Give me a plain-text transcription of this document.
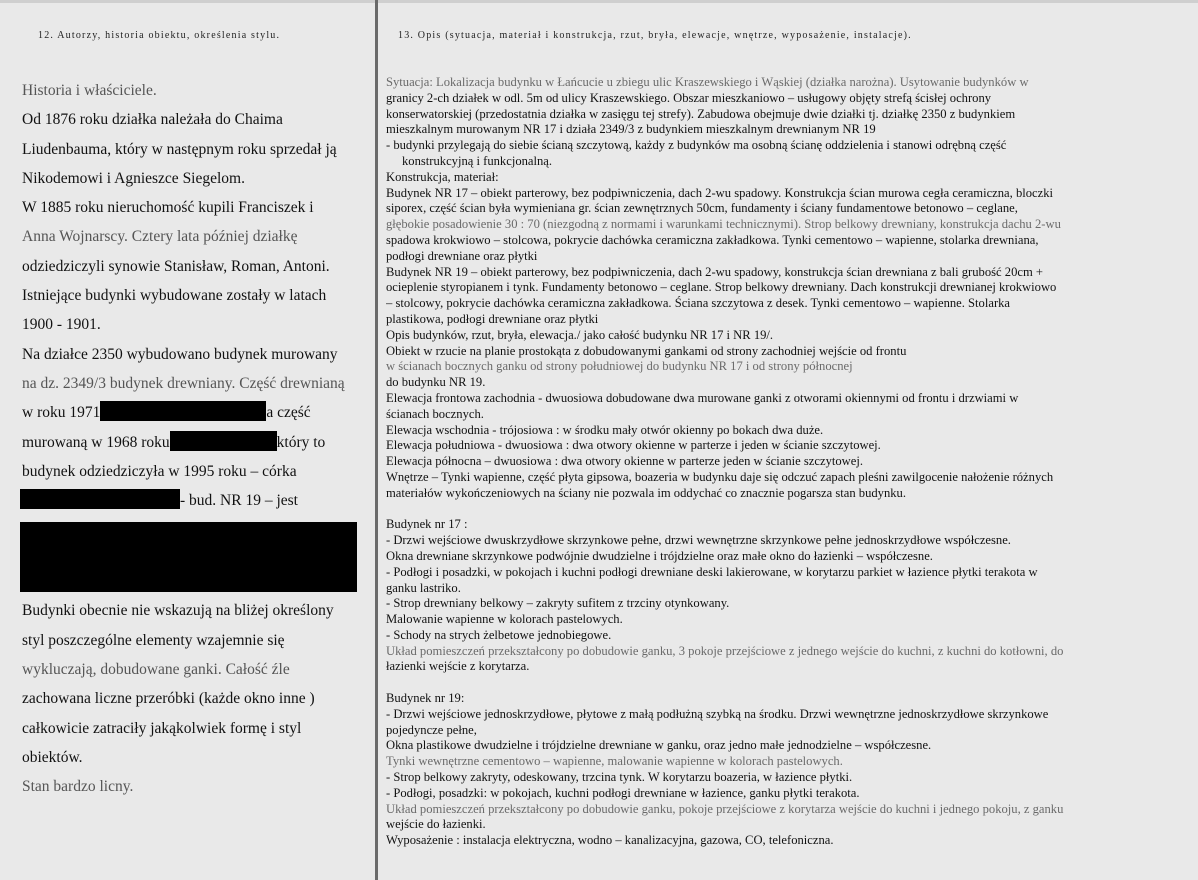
12. Autorzy, historia obiektu, określenia stylu.	13. Opis (sytuacja, materiał i konstrukcja, rzut, bryła, elewacje, wnętrze, wyposażenie, instalacje).
Historia i właściciele.
Od 1876 roku działka należała do Chaima
Liudenbauma, który w następnym roku sprzedał ją
Nikodemowi i Agnieszce Siegelom.
W 1885 roku nieruchomość kupili Franciszek i
Anna Wojnarscy. Cztery lata później działkę
odziedziczyli synowie Stanisław, Roman, Antoni.
Istniejące budynki wybudowane zostały w latach
1900 - 1901.
Na działce 2350 wybudowano budynek murowany
na dz. 2349/3 budynek drewniany. Część drewnianą
w roku 1971	a część
murowaną w 1968 roku	który to
budynek odziedziczyła w 1995 roku – córka
- bud. NR 19 – jest
Budynki obecnie nie wskazują na bliżej określony
styl poszczególne elementy wzajemnie się
wykluczają, dobudowane ganki. Całość źle
zachowana liczne przeróbki (każde okno inne )
całkowicie zatraciły jakąkolwiek formę i styl
obiektów.
Stan bardzo licny.
Sytuacja: Lokalizacja budynku w Łańcucie u zbiegu ulic Kraszewskiego i Wąskiej (działka narożna). Usytowanie budynków w
granicy 2-ch działek w odl. 5m od ulicy Kraszewskiego. Obszar mieszkaniowo – usługowy objęty strefą ścisłej ochrony
konserwatorskiej (przedostatnia działka w zasięgu tej strefy). Zabudowa obejmuje dwie działki tj. działkę 2350 z budynkiem
mieszkalnym murowanym NR 17 i działa 2349/3 z budynkiem mieszkalnym drewnianym NR 19
- budynki przylegają do siebie ścianą szczytową, każdy z budynków ma osobną ścianę oddzielenia i stanowi odrębną część
konstrukcyjną i funkcjonalną.
Konstrukcja, materiał:
Budynek NR 17 – obiekt parterowy, bez podpiwniczenia, dach 2-wu spadowy. Konstrukcja ścian murowa cegła ceramiczna, bloczki
siporex, część ścian była wymieniana gr. ścian zewnętrznych 50cm, fundamenty i ściany fundamentowe betonowo – ceglane,
głębokie posadowienie 30 : 70 (niezgodną z normami i warunkami technicznymi). Strop belkowy drewniany, konstrukcja dachu 2-wu
spadowa krokwiowo – stolcowa, pokrycie dachówka ceramiczna zakładkowa. Tynki cementowo – wapienne, stolarka drewniana,
podłogi drewniane oraz płytki
Budynek NR 19 – obiekt parterowy, bez podpiwniczenia, dach 2-wu spadowy, konstrukcja ścian drewniana z bali grubość 20cm +
ocieplenie styropianem i tynk. Fundamenty betonowo – ceglane. Strop belkowy drewniany. Dach konstrukcji drewnianej krokwiowo
– stolcowy, pokrycie dachówka ceramiczna zakładkowa. Ściana szczytowa z desek. Tynki cementowo – wapienne. Stolarka
plastikowa, podłogi drewniane oraz płytki
Opis budynków, rzut, bryła, elewacja./ jako całość budynku NR 17 i NR 19/.
Obiekt w rzucie na planie prostokąta z dobudowanymi gankami od strony zachodniej wejście od frontu
w ścianach bocznych ganku od strony południowej do budynku NR 17 i od strony północnej
do budynku NR 19.
Elewacja frontowa zachodnia - dwuosiowa dobudowane dwa murowane ganki z otworami okiennymi od frontu i drzwiami w
ścianach bocznych.
Elewacja wschodnia - trójosiowa : w środku mały otwór okienny po bokach dwa duże.
Elewacja południowa - dwuosiowa : dwa otwory okienne w parterze i jeden w ścianie szczytowej.
Elewacja północna – dwuosiowa : dwa otwory okienne w parterze jeden w ścianie szczytowej.
Wnętrze – Tynki wapienne, część płyta gipsowa, boazeria w budynku daje się odczuć zapach pleśni zawilgocenie nałożenie różnych
materiałów wykończeniowych na ściany nie pozwala im oddychać co znacznie pogarsza stan budynku.
Budynek nr 17 :
- Drzwi wejściowe dwuskrzydłowe skrzynkowe pełne, drzwi wewnętrzne skrzynkowe pełne jednoskrzydłowe współczesne.
Okna drewniane skrzynkowe podwójnie dwudzielne i trójdzielne oraz małe okno do łazienki – współczesne.
- Podłogi i posadzki, w pokojach i kuchni podłogi drewniane deski lakierowane, w korytarzu parkiet w łazience płytki terakota w
ganku lastriko.
- Strop drewniany belkowy – zakryty sufitem z trzciny otynkowany.
Malowanie wapienne w kolorach pastelowych.
- Schody na strych żelbetowe jednobiegowe.
Układ pomieszczeń przekształcony po dobudowie ganku, 3 pokoje przejściowe z jednego wejście do kuchni, z kuchni do kotłowni, do
łazienki wejście z korytarza.
Budynek nr 19:
- Drzwi wejściowe jednoskrzydłowe, płytowe z małą podłużną szybką na środku. Drzwi wewnętrzne jednoskrzydłowe skrzynkowe
pojedyncze pełne,
Okna plastikowe dwudzielne i trójdzielne drewniane w ganku, oraz jedno małe jednodzielne – współczesne.
Tynki wewnętrzne cementowo – wapienne, malowanie wapienne w kolorach pastelowych.
- Strop belkowy zakryty, odeskowany, trzcina tynk. W korytarzu boazeria, w łazience płytki.
- Podłogi, posadzki: w pokojach, kuchni podłogi drewniane w łazience, ganku płytki terakota.
Układ pomieszczeń przekształcony po dobudowie ganku, pokoje przejściowe z korytarza wejście do kuchni i jednego pokoju, z ganku
wejście do łazienki.
Wyposażenie : instalacja elektryczna, wodno – kanalizacyjna, gazowa, CO, telefoniczna.
